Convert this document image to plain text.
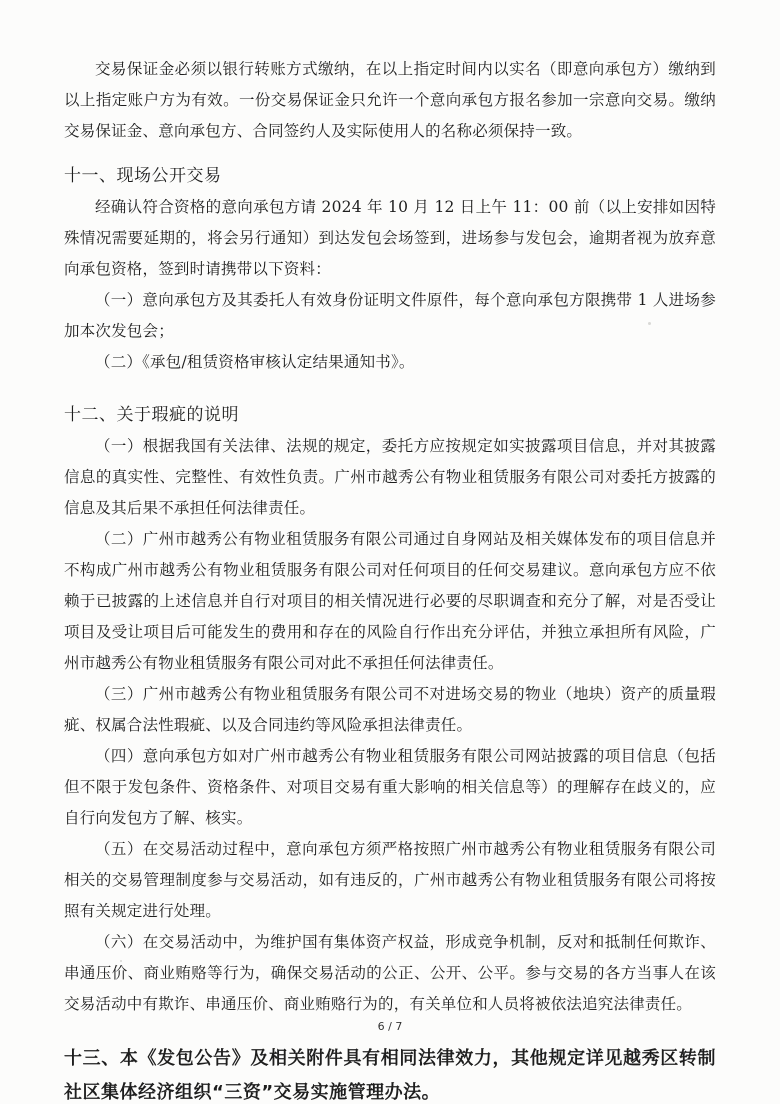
交易保证金必须以银行转账方式缴纳，在以上指定时间内以实名（即意向承包方）缴纳到以上指定账户方为有效。一份交易保证金只允许一个意向承包方报名参加一宗意向交易。缴纳交易保证金、意向承包方、合同签约人及实际使用人的名称必须保持一致。

十一、现场公开交易

经确认符合资格的意向承包方请 2024 年 10 月 12 日上午 11：00 前（以上安排如因特殊情况需要延期的，将会另行通知）到达发包会场签到，进场参与发包会，逾期者视为放弃意向承包资格，签到时请携带以下资料：

（一）意向承包方及其委托人有效身份证明文件原件，每个意向承包方限携带 1 人进场参加本次发包会；

（二）《承包/租赁资格审核认定结果通知书》。

十二、关于瑕疵的说明

（一）根据我国有关法律、法规的规定，委托方应按规定如实披露项目信息，并对其披露信息的真实性、完整性、有效性负责。广州市越秀公有物业租赁服务有限公司对委托方披露的信息及其后果不承担任何法律责任。

（二）广州市越秀公有物业租赁服务有限公司通过自身网站及相关媒体发布的项目信息并不构成广州市越秀公有物业租赁服务有限公司对任何项目的任何交易建议。意向承包方应不依赖于已披露的上述信息并自行对项目的相关情况进行必要的尽职调查和充分了解，对是否受让项目及受让项目后可能发生的费用和存在的风险自行作出充分评估，并独立承担所有风险，广州市越秀公有物业租赁服务有限公司对此不承担任何法律责任。

（三）广州市越秀公有物业租赁服务有限公司不对进场交易的物业（地块）资产的质量瑕疵、权属合法性瑕疵、以及合同违约等风险承担法律责任。

（四）意向承包方如对广州市越秀公有物业租赁服务有限公司网站披露的项目信息（包括但不限于发包条件、资格条件、对项目交易有重大影响的相关信息等）的理解存在歧义的，应自行向发包方了解、核实。

（五）在交易活动过程中，意向承包方须严格按照广州市越秀公有物业租赁服务有限公司相关的交易管理制度参与交易活动，如有违反的，广州市越秀公有物业租赁服务有限公司将按照有关规定进行处理。

（六）在交易活动中，为维护国有集体资产权益，形成竞争机制，反对和抵制任何欺诈、串通压价、商业贿赂等行为，确保交易活动的公正、公开、公平。参与交易的各方当事人在该交易活动中有欺诈、串通压价、商业贿赂行为的，有关单位和人员将被依法追究法律责任。

十三、本《发包公告》及相关附件具有相同法律效力，其他规定详见越秀区转制社区集体经济组织“三资”交易实施管理办法。
6 / 7
